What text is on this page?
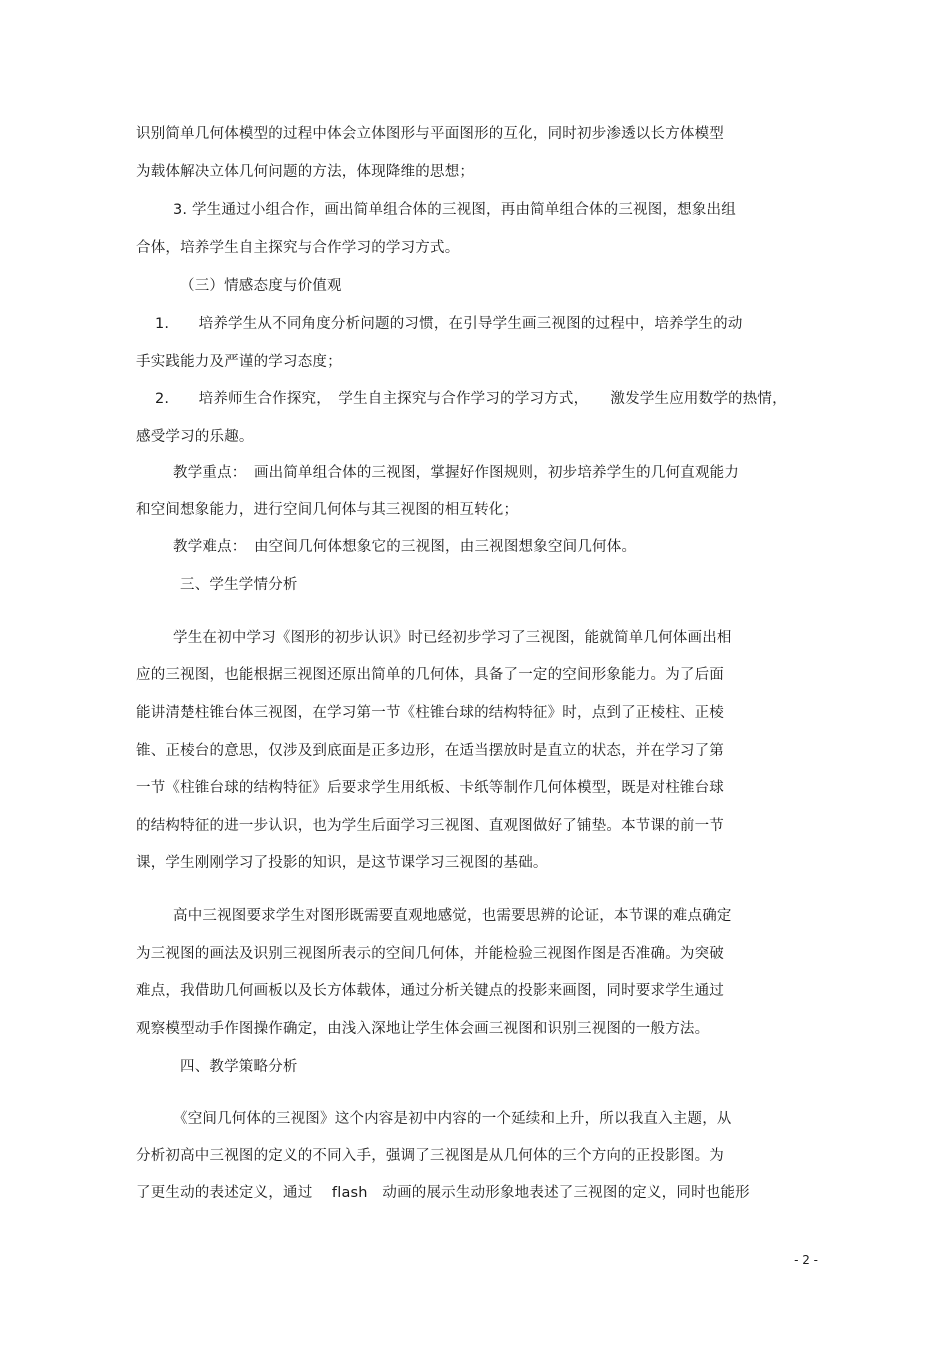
识别简单几何体模型的过程中体会立体图形与平面图形的互化，同时初步渗透以长方体模型
为载体解决立体几何问题的方法，体现降维的思想；
3. 学生通过小组合作，画出简单组合体的三视图，再由简单组合体的三视图，想象出组
合体，培养学生自主探究与合作学习的学习方式。
（三）情感态度与价值观
1.　　培养学生从不同角度分析问题的习惯，在引导学生画三视图的过程中，培养学生的动
手实践能力及严谨的学习态度；
2.　　培养师生合作探究，　学生自主探究与合作学习的学习方式，　　激发学生应用数学的热情，
感受学习的乐趣。
教学重点：　画出简单组合体的三视图，掌握好作图规则，初步培养学生的几何直观能力
和空间想象能力，进行空间几何体与其三视图的相互转化；
教学难点：　由空间几何体想象它的三视图，由三视图想象空间几何体。
三、学生学情分析
学生在初中学习《图形的初步认识》时已经初步学习了三视图，能就简单几何体画出相
应的三视图，也能根据三视图还原出简单的几何体，具备了一定的空间形象能力。为了后面
能讲清楚柱锥台体三视图，在学习第一节《柱锥台球的结构特征》时，点到了正棱柱、正棱
锥、正棱台的意思，仅涉及到底面是正多边形，在适当摆放时是直立的状态，并在学习了第
一节《柱锥台球的结构特征》后要求学生用纸板、卡纸等制作几何体模型，既是对柱锥台球
的结构特征的进一步认识，也为学生后面学习三视图、直观图做好了铺垫。本节课的前一节
课，学生刚刚学习了投影的知识，是这节课学习三视图的基础。
高中三视图要求学生对图形既需要直观地感觉，也需要思辨的论证，本节课的难点确定
为三视图的画法及识别三视图所表示的空间几何体，并能检验三视图作图是否准确。为突破
难点，我借助几何画板以及长方体载体，通过分析关键点的投影来画图，同时要求学生通过
观察模型动手作图操作确定，由浅入深地让学生体会画三视图和识别三视图的一般方法。
四、教学策略分析
《空间几何体的三视图》这个内容是初中内容的一个延续和上升，所以我直入主题，从
分析初高中三视图的定义的不同入手，强调了三视图是从几何体的三个方向的正投影图。为
了更生动的表述定义，通过　 flash　动画的展示生动形象地表述了三视图的定义，同时也能形
- 2 -
